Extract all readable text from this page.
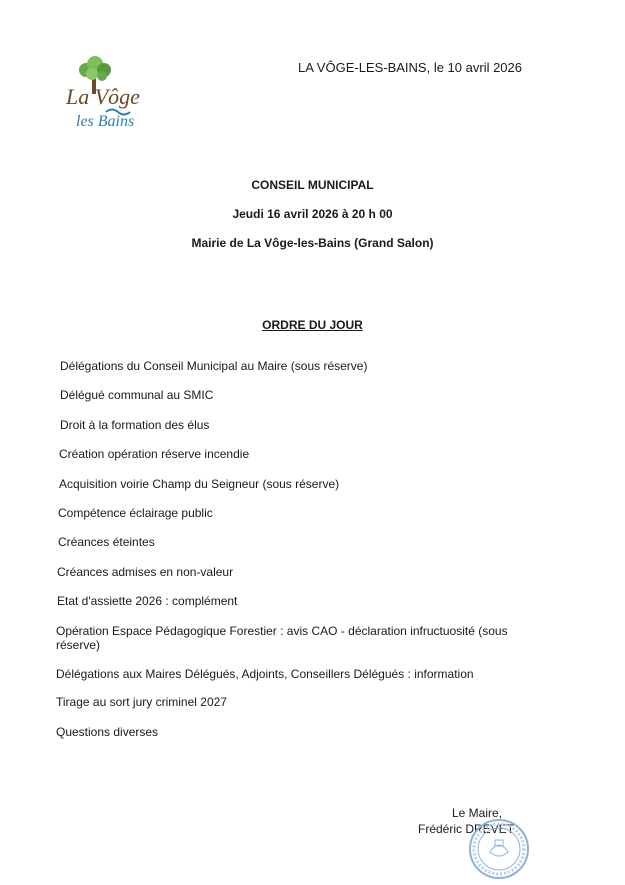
La Vôge
les Bains
LA VÔGE-LES-BAINS, le 10 avril 2026
CONSEIL MUNICIPAL
Jeudi 16 avril 2026 à 20 h 00
Mairie de La Vôge-les-Bains (Grand Salon)
ORDRE DU JOUR
Délégations du Conseil Municipal au Maire (sous réserve)
Délégué communal au SMIC
Droit à la formation des élus
Création opération réserve incendie
Acquisition voirie Champ du Seigneur (sous réserve)
Compétence éclairage public
Créances éteintes
Créances admises en non-valeur
Etat d'assiette 2026 : complément
Opération Espace Pédagogique Forestier : avis CAO - déclaration infructuosité (sous réserve)
Délégations aux Maires Délégués, Adjoints, Conseillers Délégués : information
Tirage au sort jury criminel 2027
Questions diverses
Le Maire,
Frédéric DREVET
